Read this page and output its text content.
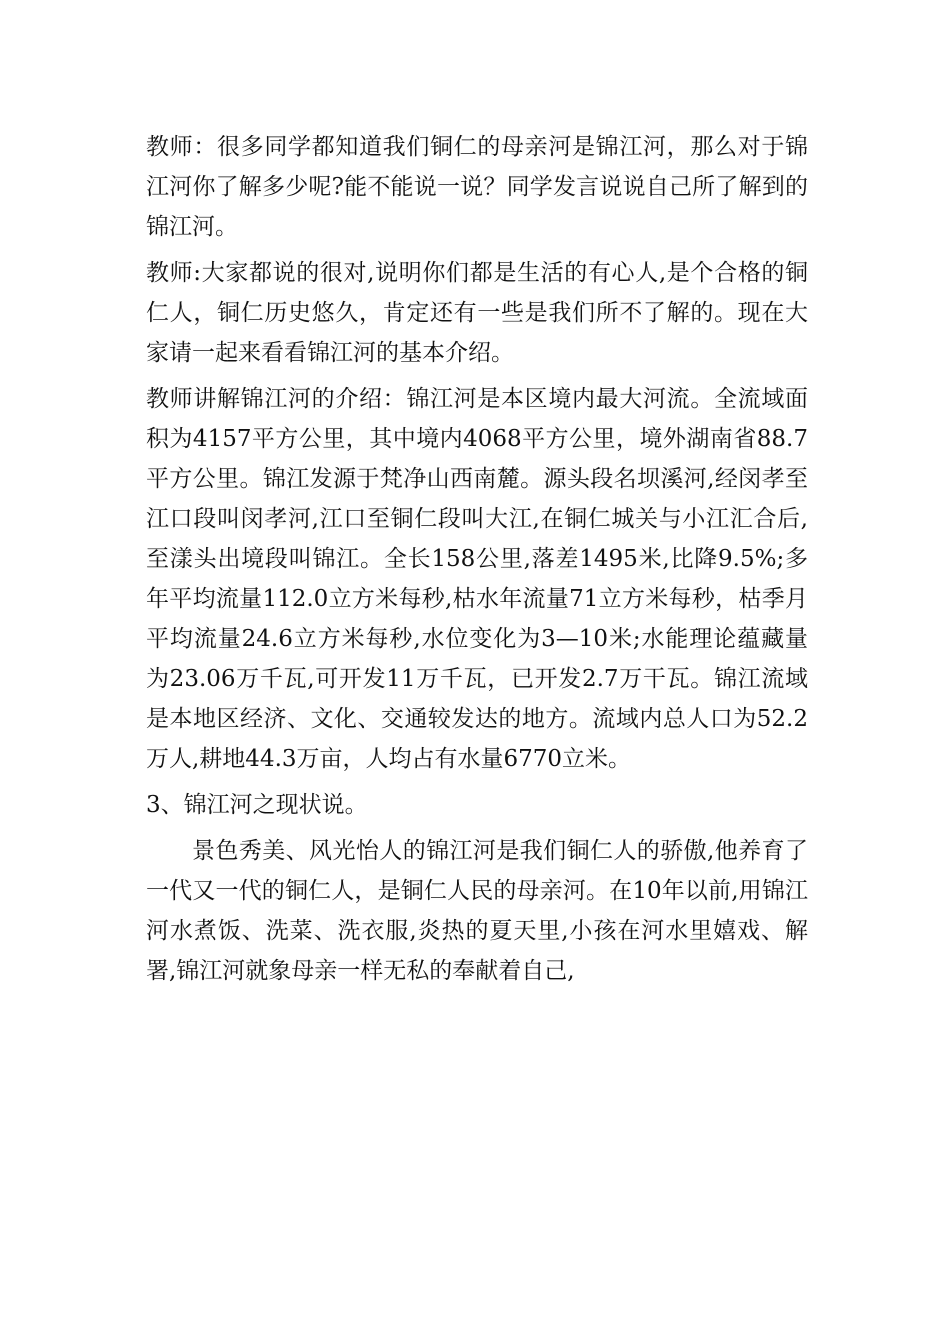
教师：很多同学都知道我们铜仁的母亲河是锦江河，那么对于锦江河你了解多少呢?能不能说一说？同学发言说说自己所了解到的锦江河。

教师:大家都说的很对,说明你们都是生活的有心人,是个合格的铜仁人，铜仁历史悠久，肯定还有一些是我们所不了解的。现在大家请一起来看看锦江河的基本介绍。

教师讲解锦江河的介绍：锦江河是本区境内最大河流。全流域面积为4157平方公里，其中境内4068平方公里，境外湖南省88.7平方公里。锦江发源于梵净山西南麓。源头段名坝溪河,经闵孝至江口段叫闵孝河,江口至铜仁段叫大江,在铜仁城关与小江汇合后,至漾头出境段叫锦江。全长158公里,落差1495米,比降9.5%;多年平均流量112.0立方米每秒,枯水年流量71立方米每秒，枯季月平均流量24.6立方米每秒,水位变化为3—10米;水能理论蕴藏量为23.06万千瓦,可开发11万千瓦，已开发2.7万干瓦。锦江流域是本地区经济、文化、交通较发达的地方。流域内总人口为52.2万人,耕地44.3万亩，人均占有水量6770立米。

3、锦江河之现状说。

景色秀美、风光怡人的锦江河是我们铜仁人的骄傲,他养育了一代又一代的铜仁人，是铜仁人民的母亲河。在10年以前,用锦江河水煮饭、洗菜、洗衣服,炎热的夏天里,小孩在河水里嬉戏、解署,锦江河就象母亲一样无私的奉献着自己,
